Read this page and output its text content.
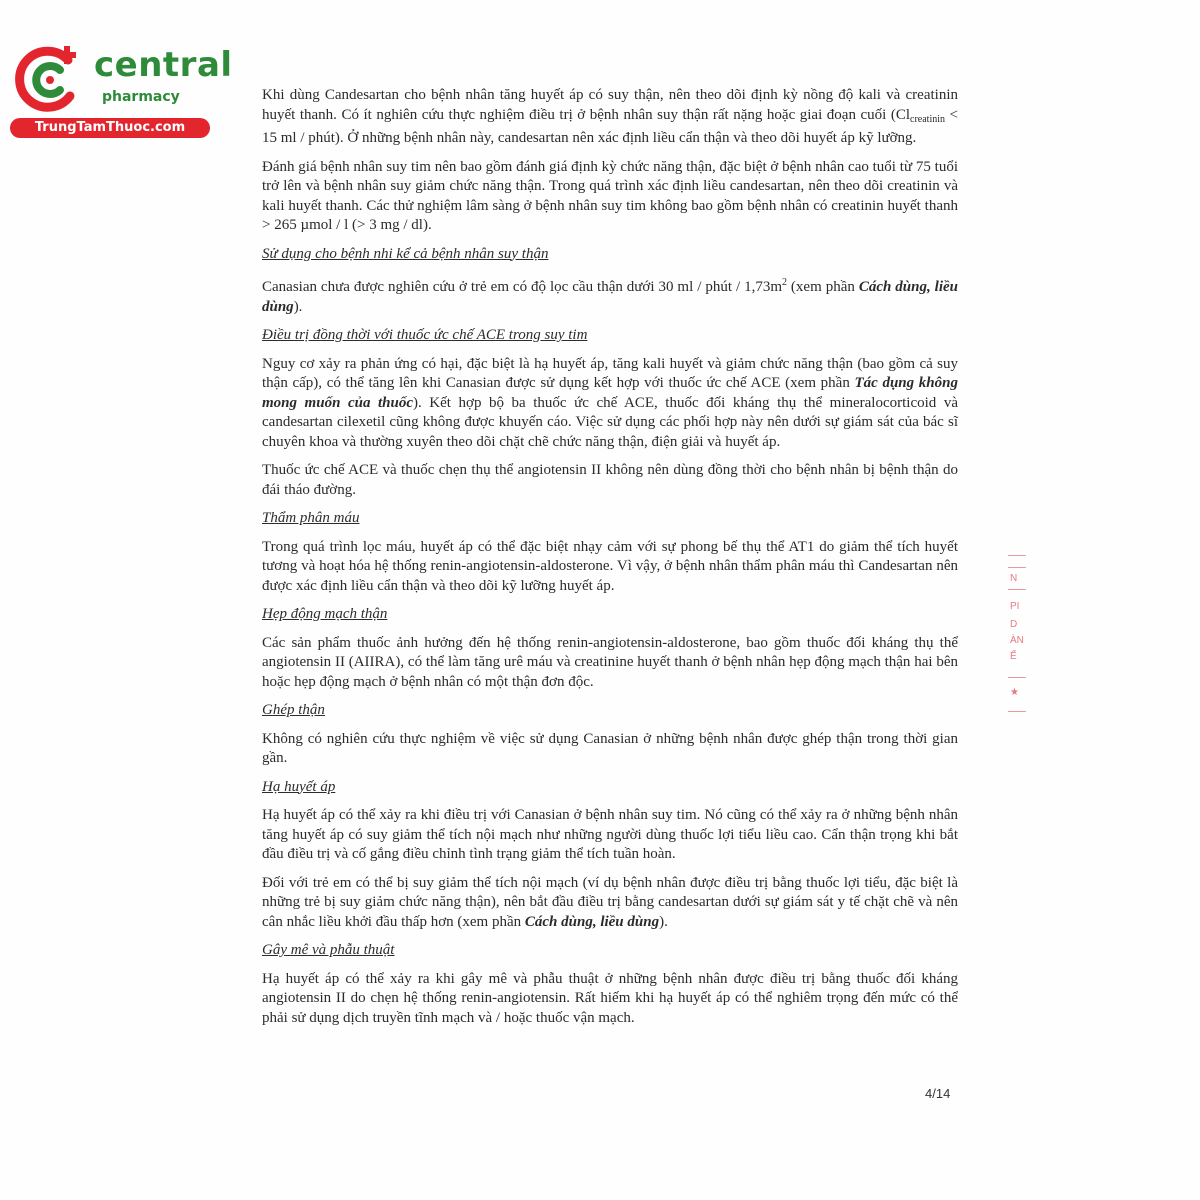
central
pharmacy
TrungTamThuoc.com

Khi dùng Candesartan cho bệnh nhân tăng huyết áp có suy thận, nên theo dõi định kỳ nồng độ kali và creatinin huyết thanh. Có ít nghiên cứu thực nghiệm điều trị ở bệnh nhân suy thận rất nặng hoặc giai đoạn cuối ($Cl_{creatinin} < 15$ ml / phút). Ở những bệnh nhân này, candesartan nên xác định liều cẩn thận và theo dõi huyết áp kỹ lưỡng.

Đánh giá bệnh nhân suy tim nên bao gồm đánh giá định kỳ chức năng thận, đặc biệt ở bệnh nhân cao tuổi từ 75 tuổi trở lên và bệnh nhân suy giảm chức năng thận. Trong quá trình xác định liều candesartan, nên theo dõi creatinin và kali huyết thanh. Các thử nghiệm lâm sàng ở bệnh nhân suy tim không bao gồm bệnh nhân có creatinin huyết thanh > 265 µmol / l (> 3 mg / dl).

Sử dụng cho bệnh nhi kể cả bệnh nhân suy thận

Canasian chưa được nghiên cứu ở trẻ em có độ lọc cầu thận dưới 30 ml / phút / $1,73m^2$ (xem phần Cách dùng, liều dùng).

Điều trị đồng thời với thuốc ức chế ACE trong suy tim

Nguy cơ xảy ra phản ứng có hại, đặc biệt là hạ huyết áp, tăng kali huyết và giảm chức năng thận (bao gồm cả suy thận cấp), có thể tăng lên khi Canasian được sử dụng kết hợp với thuốc ức chế ACE (xem phần Tác dụng không mong muốn của thuốc). Kết hợp bộ ba thuốc ức chế ACE, thuốc đối kháng thụ thể mineralocorticoid và candesartan cilexetil cũng không được khuyến cáo. Việc sử dụng các phối hợp này nên dưới sự giám sát của bác sĩ chuyên khoa và thường xuyên theo dõi chặt chẽ chức năng thận, điện giải và huyết áp.

Thuốc ức chế ACE và thuốc chẹn thụ thể angiotensin II không nên dùng đồng thời cho bệnh nhân bị bệnh thận do đái tháo đường.

Thẩm phân máu

Trong quá trình lọc máu, huyết áp có thể đặc biệt nhạy cảm với sự phong bế thụ thể AT1 do giảm thể tích huyết tương và hoạt hóa hệ thống renin-angiotensin-aldosterone. Vì vậy, ở bệnh nhân thẩm phân máu thì Candesartan nên được xác định liều cẩn thận và theo dõi kỹ lưỡng huyết áp.

Hẹp động mạch thận

Các sản phẩm thuốc ảnh hưởng đến hệ thống renin-angiotensin-aldosterone, bao gồm thuốc đối kháng thụ thể angiotensin II (AIIRA), có thể làm tăng urê máu và creatinine huyết thanh ở bệnh nhân hẹp động mạch thận hai bên hoặc hẹp động mạch ở bệnh nhân có một thận đơn độc.

Ghép thận

Không có nghiên cứu thực nghiệm về việc sử dụng Canasian ở những bệnh nhân được ghép thận trong thời gian gần.

Hạ huyết áp

Hạ huyết áp có thể xảy ra khi điều trị với Canasian ở bệnh nhân suy tim. Nó cũng có thể xảy ra ở những bệnh nhân tăng huyết áp có suy giảm thể tích nội mạch như những người dùng thuốc lợi tiểu liều cao. Cẩn thận trọng khi bắt đầu điều trị và cố gắng điều chỉnh tình trạng giảm thể tích tuần hoàn.

Đối với trẻ em có thể bị suy giảm thể tích nội mạch (ví dụ bệnh nhân được điều trị bằng thuốc lợi tiểu, đặc biệt là những trẻ bị suy giảm chức năng thận), nên bắt đầu điều trị bằng candesartan dưới sự giám sát y tế chặt chẽ và nên cân nhắc liều khởi đầu thấp hơn (xem phần Cách dùng, liều dùng).

Gây mê và phẫu thuật

Hạ huyết áp có thể xảy ra khi gây mê và phẫu thuật ở những bệnh nhân được điều trị bằng thuốc đối kháng angiotensin II do chẹn hệ thống renin-angiotensin. Rất hiếm khi hạ huyết áp có thể nghiêm trọng đến mức có thể phải sử dụng dịch truyền tĩnh mạch và / hoặc thuốc vận mạch.

4/14
N
PI
D
ÀN
Ế
★
